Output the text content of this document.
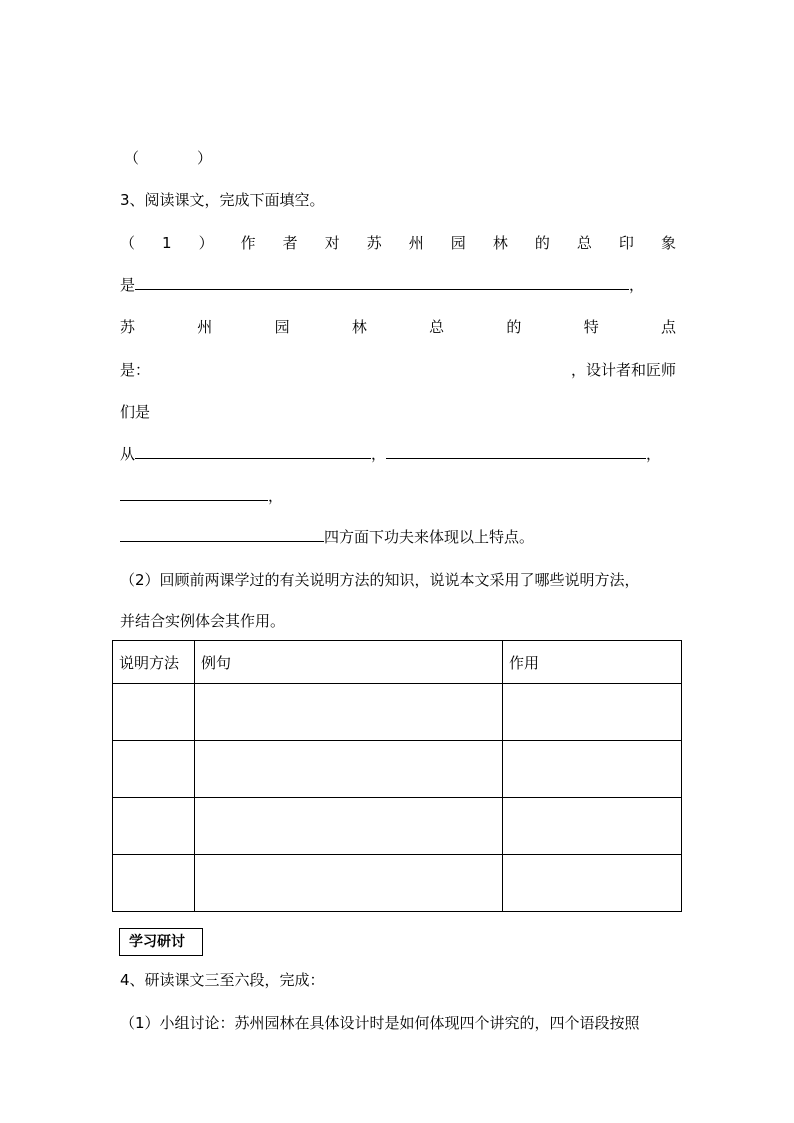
（	）
3、阅读课文，完成下面填空。
（ 1 ） 作 者 对 苏 州 园 林 的 总 印 象
是	，
苏	州	园	林	总	的	特	点
是：	，设计者和匠师
们是
从	，	，
，
四方面下功夫来体现以上特点。
（2）回顾前两课学过的有关说明方法的知识，说说本文采用了哪些说明方法，
并结合实例体会其作用。
说明方法	例句	作用

学习研讨
4、研读课文三至六段，完成：
（1）小组讨论：苏州园林在具体设计时是如何体现四个讲究的，四个语段按照
